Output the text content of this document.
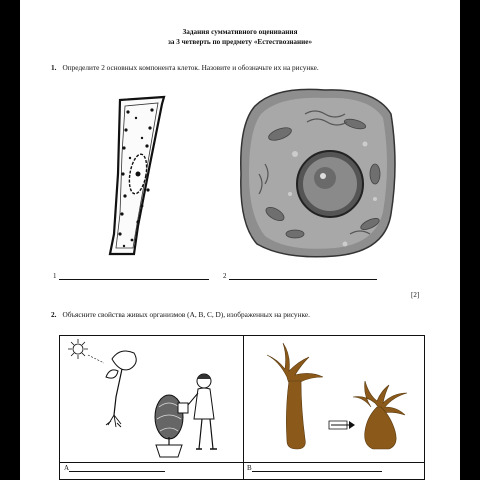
Задания суммативного оценивания
за 3 четверть по предмету «Естествознание»
1. Определите 2 основных компонента клеток. Назовите и обозначьте их на рисунке.
1	2
[2]
2. Объясните свойства живых организмов (A, B, C, D), изображенных на рисунке.
A	B
